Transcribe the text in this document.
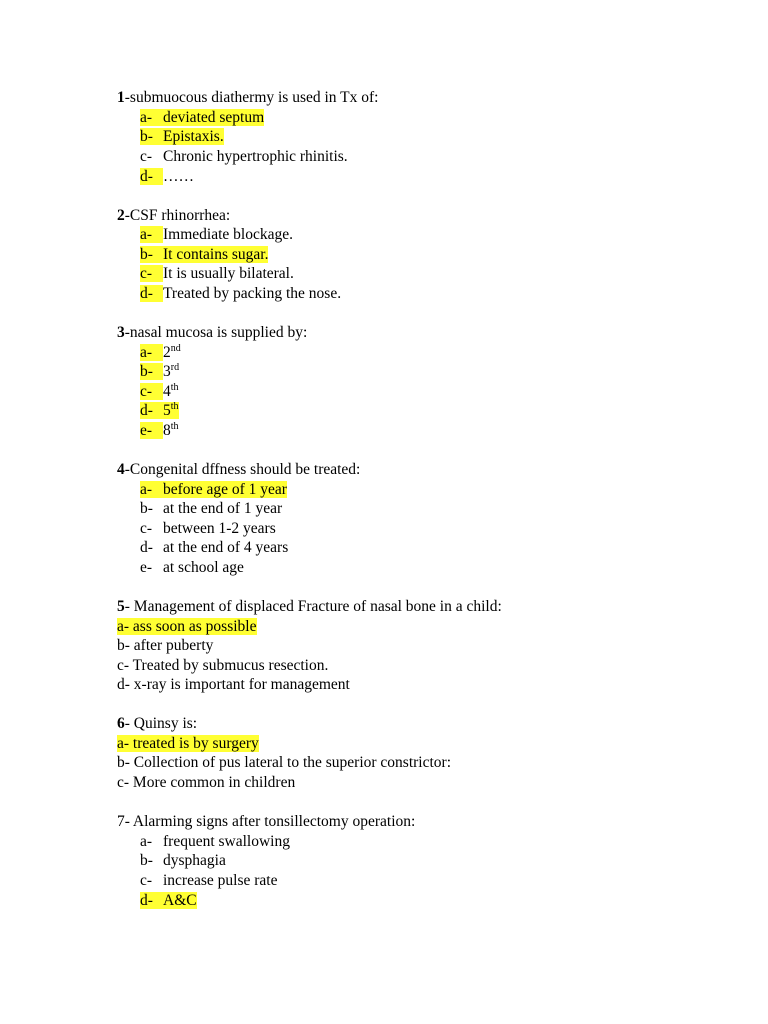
1-submuocous diathermy is used in Tx of:
a- deviated septum
b- Epistaxis.
c- Chronic hypertrophic rhinitis.
d- ……
2-CSF rhinorrhea:
a- Immediate blockage.
b- It contains sugar.
c- It is usually bilateral.
d- Treated by packing the nose.
3-nasal mucosa is supplied by:
a- 2nd
b- 3rd
c- 4th
d- 5th
e- 8th
4-Congenital dffness should be treated:
a- before age of 1 year
b- at the end of 1 year
c- between 1-2 years
d- at the end of 4 years
e- at school age
5- Management of displaced Fracture of nasal bone in a child:
a- ass soon as possible
b- after puberty
c- Treated by submucus resection.
d- x-ray is important for management
6- Quinsy is:
a- treated is by surgery
b- Collection of pus lateral to the superior constrictor:
c- More common in children
7- Alarming signs after tonsillectomy operation:
a- frequent swallowing
b- dysphagia
c- increase pulse rate
d- A&C
